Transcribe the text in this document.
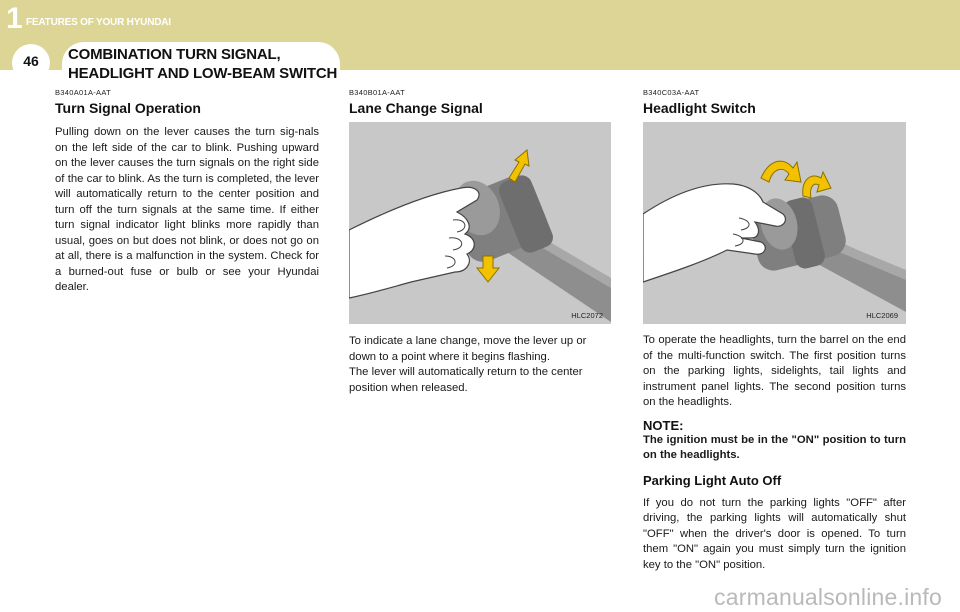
1 FEATURES OF YOUR HYUNDAI
COMBINATION TURN SIGNAL,
HEADLIGHT AND LOW-BEAM SWITCH
46

B340A01A-AAT

Turn Signal Operation

Pulling down on the lever causes the turn sig-nals on the left side of the car to blink. Pushing upward on the lever causes the turn signals on the right side of the car to blink. As the turn is completed, the lever will automatically return to the center position and turn off the turn signals at the same time. If either turn signal indicator light blinks more rapidly than usual, goes on but does not blink, or does not go on at all, there is a malfunction in the system. Check for a burned-out fuse or bulb or see your Hyundai dealer.

B340B01A-AAT

Lane Change Signal
HLC2072

To indicate a lane change, move the lever up or down to a point where it begins flashing.

The lever will automatically return to the center position when released.

B340C03A-AAT

Headlight Switch
HLC2069

To operate the headlights, turn the barrel on the end of the multi-function switch. The first position turns on the parking lights, sidelights, tail lights and instrument panel lights. The second position turns on the headlights.

NOTE:

The ignition must be in the "ON" position to turn on the headlights.

Parking Light Auto Off

If you do not turn the parking lights "OFF" after driving, the parking lights will automatically shut "OFF" when the driver's door is opened. To turn them "ON" again you must simply turn the ignition key to the "ON" position.

carmanualsonline.info
